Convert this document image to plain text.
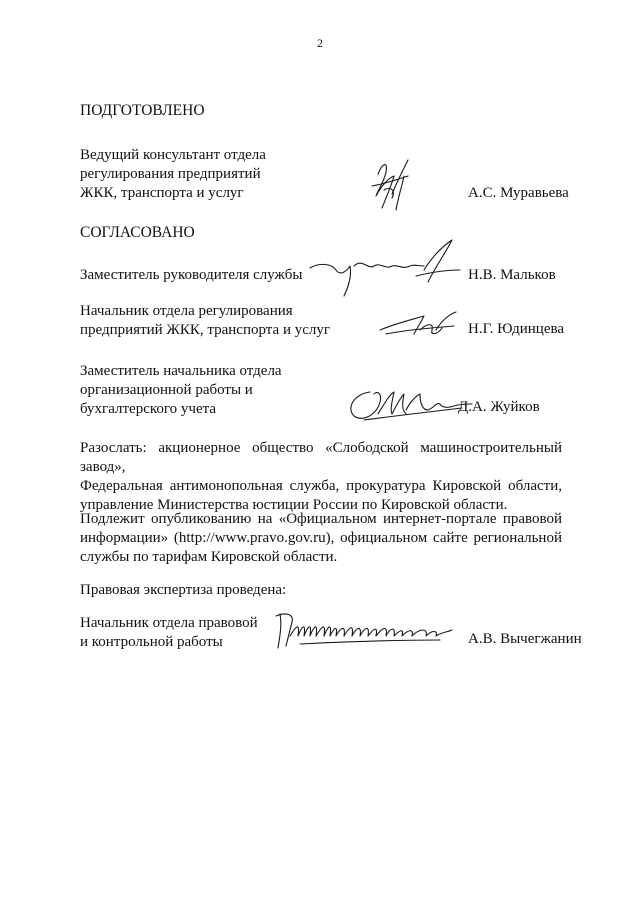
2
ПОДГОТОВЛЕНО
Ведущий консультант отдела
регулирования предприятий
ЖКК, транспорта и услуг	А.С. Муравьева
СОГЛАСОВАНО
Заместитель руководителя службы	Н.В. Мальков
Начальник отдела регулирования
предприятий ЖКК, транспорта и услуг	Н.Г. Юдинцева
Заместитель начальника отдела
организационной работы и
бухгалтерского учета	Д.А. Жуйков
Разослать: акционерное общество «Слободской машиностроительный завод»,
Федеральная антимонопольная служба, прокуратура Кировской области,
управление Министерства юстиции России по Кировской области.
Подлежит опубликованию на «Официальном интернет-портале правовой
информации» (http://www.pravo.gov.ru), официальном сайте региональной
службы по тарифам Кировской области.
Правовая экспертиза проведена:
Начальник отдела правовой
и контрольной работы	А.В. Вычегжанин
